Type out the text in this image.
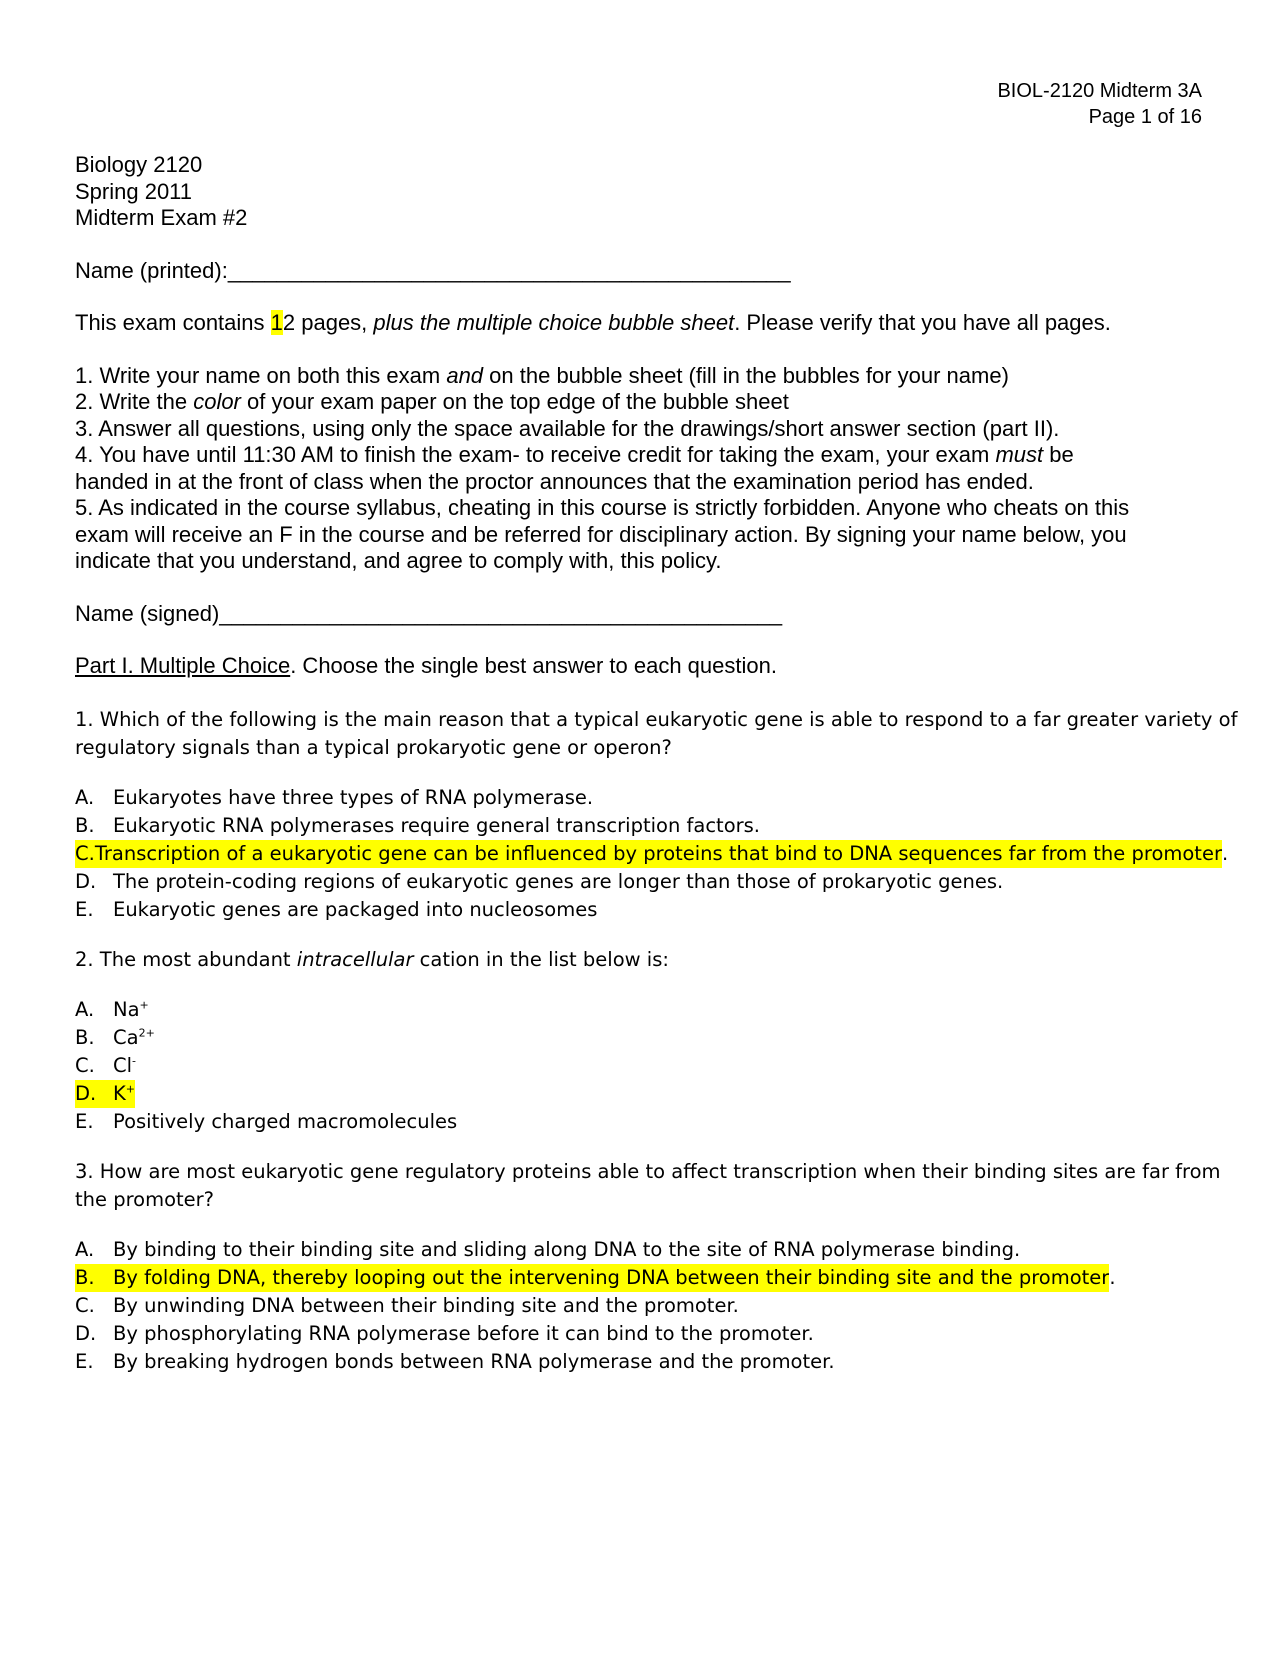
BIOL-2120 Midterm 3A
Page 1 of 16
Biology 2120
Spring 2011
Midterm Exam #2
Name (printed):______________________________________________
This exam contains 12 pages, plus the multiple choice bubble sheet. Please verify that you have all pages.
1. Write your name on both this exam and on the bubble sheet (fill in the bubbles for your name)
2. Write the color of your exam paper on the top edge of the bubble sheet
3. Answer all questions, using only the space available for the drawings/short answer section (part II).
4. You have until 11:30 AM to finish the exam- to receive credit for taking the exam, your exam must be
handed in at the front of class when the proctor announces that the examination period has ended.
5. As indicated in the course syllabus, cheating in this course is strictly forbidden. Anyone who cheats on this
exam will receive an F in the course and be referred for disciplinary action. By signing your name below, you
indicate that you understand, and agree to comply with, this policy.
Name (signed)______________________________________________
Part I. Multiple Choice. Choose the single best answer to each question.
1. Which of the following is the main reason that a typical eukaryotic gene is able to respond to a far greater variety of
regulatory signals than a typical prokaryotic gene or operon?
A. Eukaryotes have three types of RNA polymerase.
B. Eukaryotic RNA polymerases require general transcription factors.
C. Transcription of a eukaryotic gene can be influenced by proteins that bind to DNA sequences far from the promoter .
D. The protein-coding regions of eukaryotic genes are longer than those of prokaryotic genes.
E. Eukaryotic genes are packaged into nucleosomes
2. The most abundant intracellular cation in the list below is:
A. Na+
B. $Ca^{2+}$
C. Cl-
D. K+
E. Positively charged macromolecules
3. How are most eukaryotic gene regulatory proteins able to affect transcription when their binding sites are far from
the promoter?
A. By binding to their binding site and sliding along DNA to the site of RNA polymerase binding.
B. By folding DNA, thereby looping out the intervening DNA between their binding site and the promoter .
C. By unwinding DNA between their binding site and the promoter.
D. By phosphorylating RNA polymerase before it can bind to the promoter.
E. By breaking hydrogen bonds between RNA polymerase and the promoter.
